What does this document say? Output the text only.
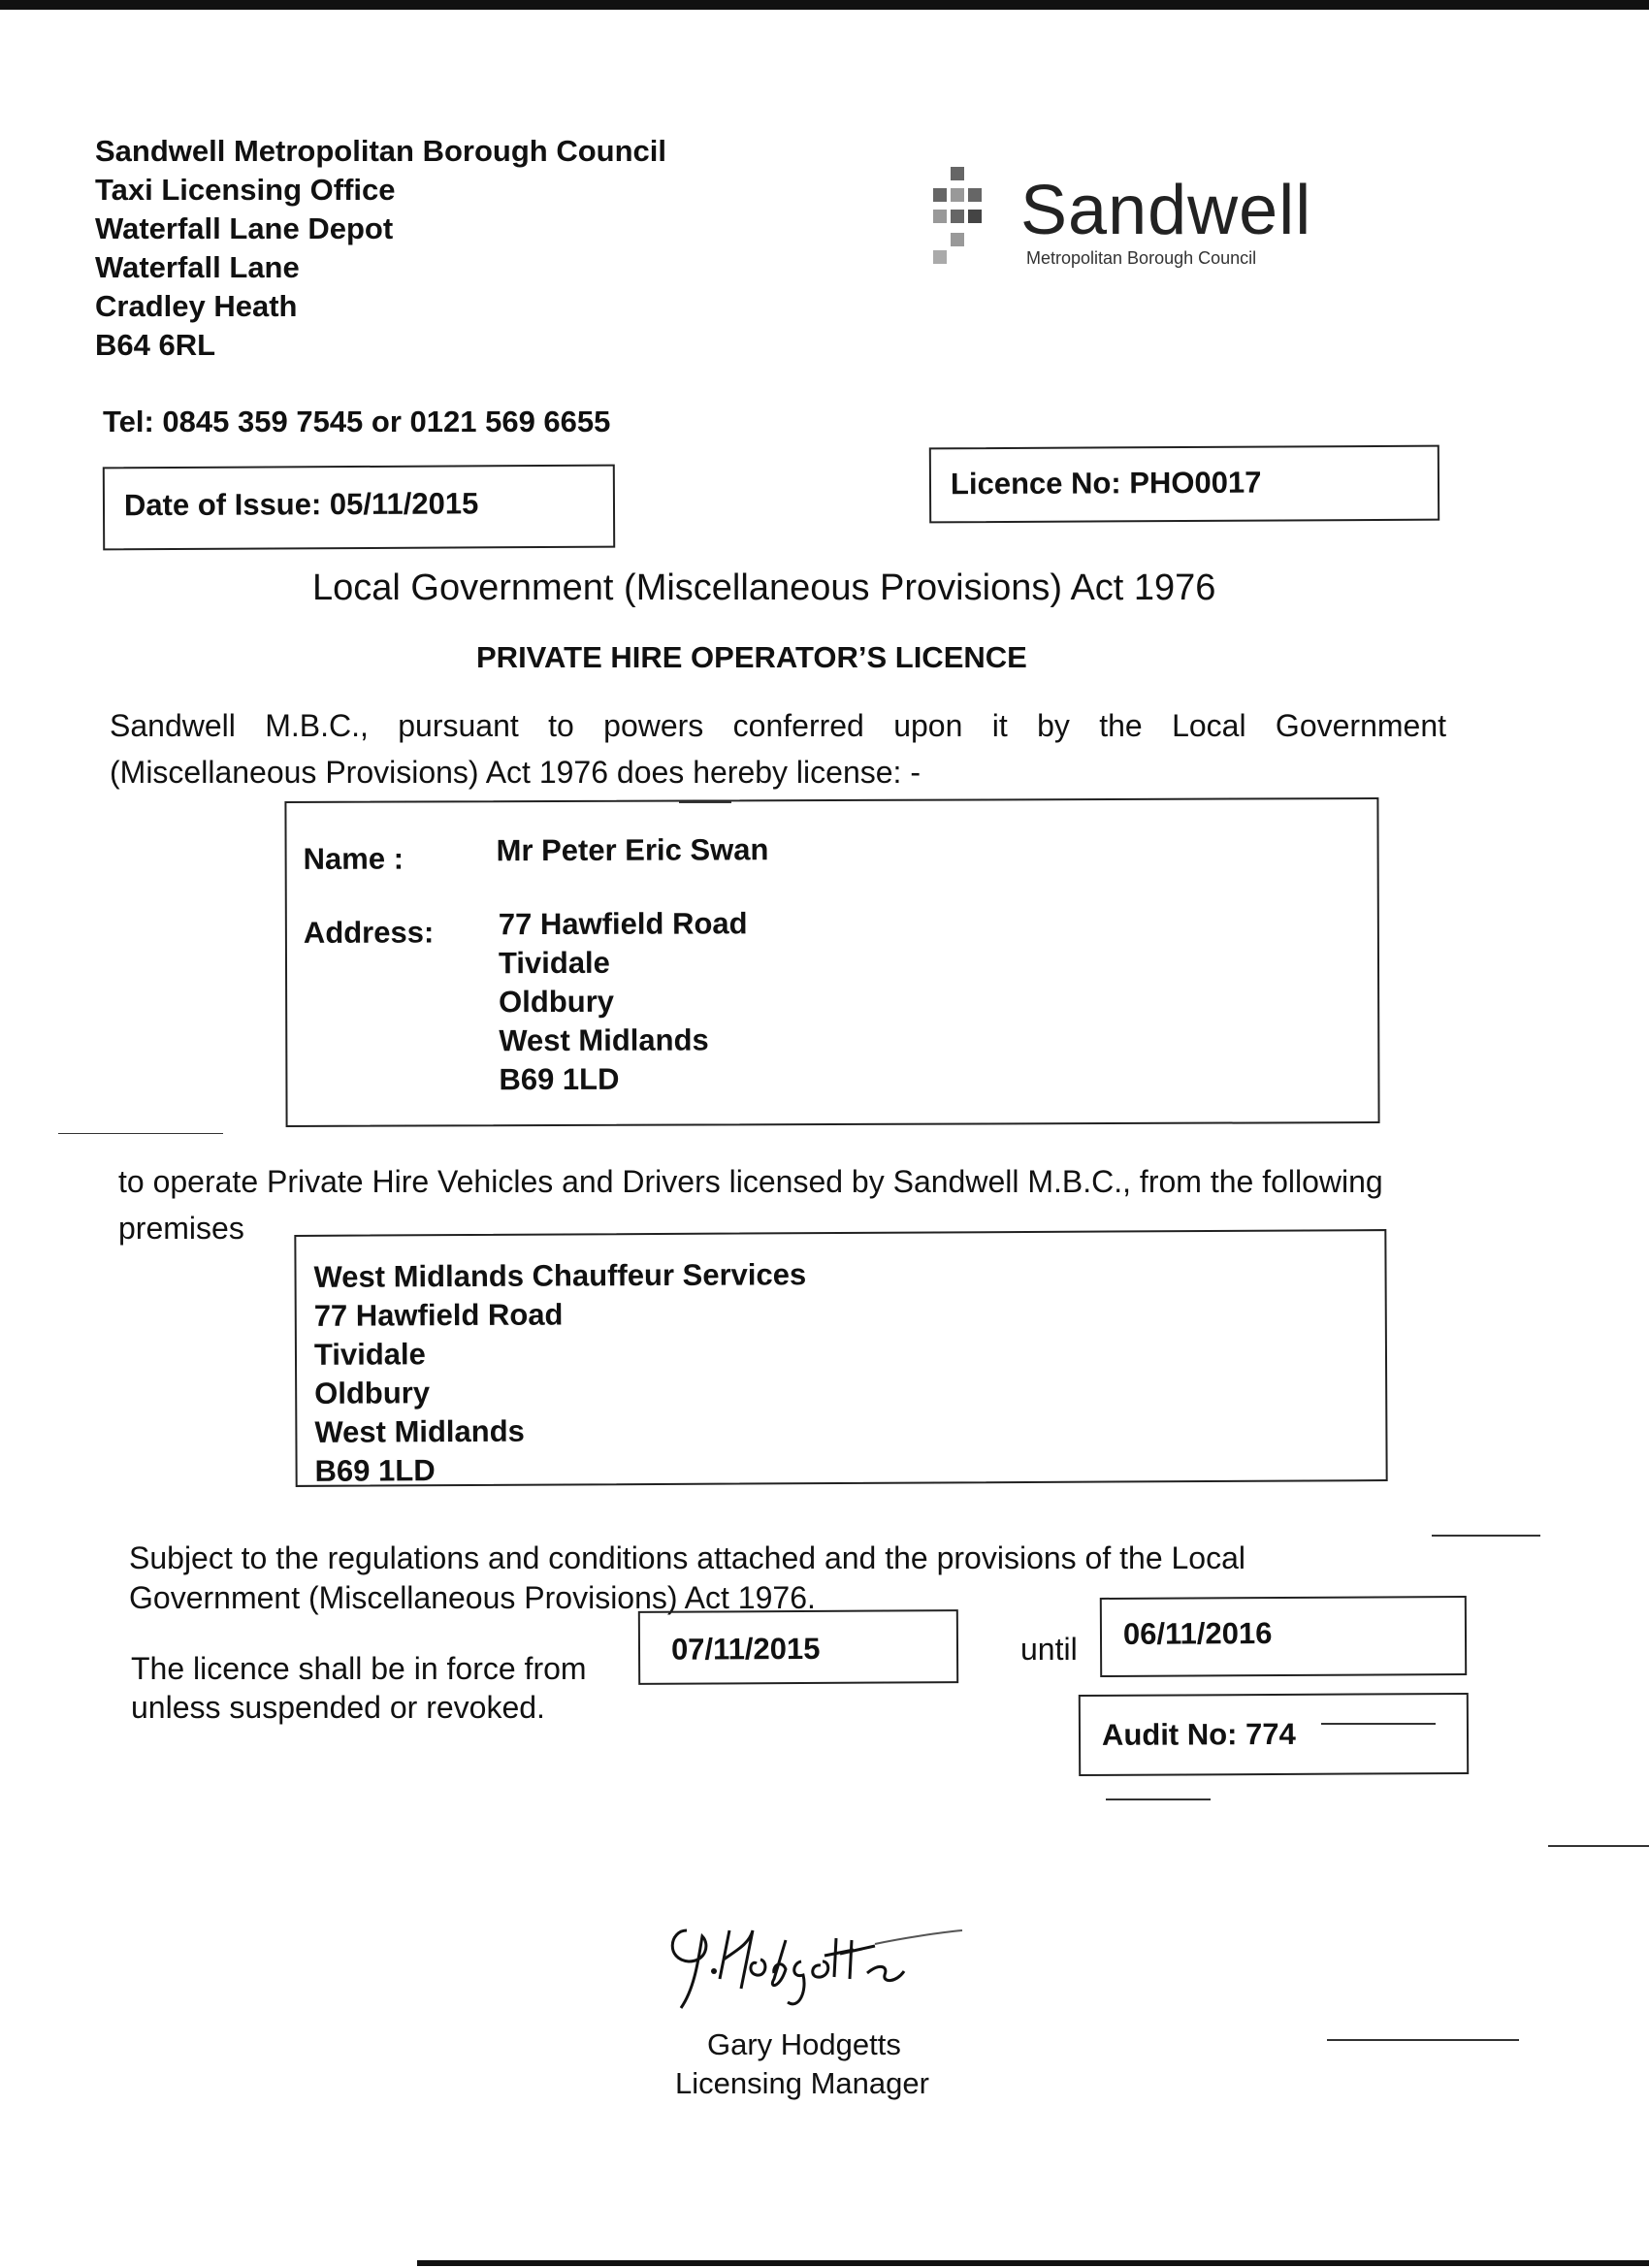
Sandwell Metropolitan Borough Council
Taxi Licensing Office
Waterfall Lane Depot
Waterfall Lane
Cradley Heath
B64 6RL
Tel: 0845 359 7545 or 0121 569 6655
Sandwell
Metropolitan Borough Council
Date of Issue: 05/11/2015
Licence No: PHO0017
Local Government (Miscellaneous Provisions) Act 1976
PRIVATE HIRE OPERATOR’S LICENCE
Sandwell M.B.C., pursuant to powers conferred upon it by the Local Government
(Miscellaneous Provisions) Act 1976 does hereby license: -
Name :	Mr Peter Eric Swan
Address: 77 Hawfield Road
Tividale
Oldbury
West Midlands
B69 1LD
to operate Private Hire Vehicles and Drivers licensed by Sandwell M.B.C., from the following
premises
West Midlands Chauffeur Services
77 Hawfield Road
Tividale
Oldbury
West Midlands
B69 1LD
Subject to the regulations and conditions attached and the provisions of the Local
Government (Miscellaneous Provisions) Act 1976.
The licence shall be in force from
unless suspended or revoked.
07/11/2015	until 06/11/2016
Audit No: 774
Gary Hodgetts
Licensing Manager
